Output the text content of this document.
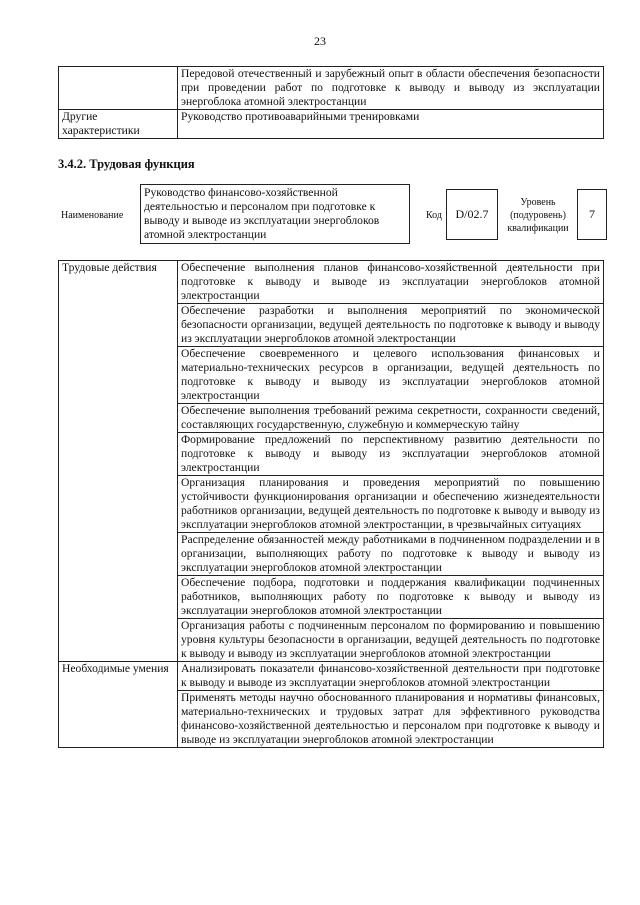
23
	Передовой отечественный и зарубежный опыт в области обеспечения безопасности при проведении работ по подготовке к выводу и выводу из эксплуатации энергоблока атомной электростанции
Другие характеристики	Руководство противоаварийными тренировками
3.4.2. Трудовая функция
Наименование
Руководство финансово-хозяйственной деятельностью и персоналом при подготовке к выводу и выводе из эксплуатации энергоблоков атомной электростанции
Код	D/02.7
Уровень (подуровень) квалификации
7
Трудовые действия	Обеспечение выполнения планов финансово-хозяйственной деятельности при подготовке к выводу и выводе из эксплуатации энергоблоков атомной электростанции
	Обеспечение разработки и выполнения мероприятий по экономической безопасности организации, ведущей деятельность по подготовке к выводу и выводу из эксплуатации энергоблоков атомной электростанции
	Обеспечение своевременного и целевого использования финансовых и материально-технических ресурсов в организации, ведущей деятельность по подготовке к выводу и выводу из эксплуатации энергоблоков атомной электростанции
	Обеспечение выполнения требований режима секретности, сохранности сведений, составляющих государственную, служебную и коммерческую тайну
	Формирование предложений по перспективному развитию деятельности по подготовке к выводу и выводу из эксплуатации энергоблоков атомной электростанции
	Организация планирования и проведения мероприятий по повышению устойчивости функционирования организации и обеспечению жизнедеятельности работников организации, ведущей деятельность по подготовке к выводу и выводу из эксплуатации энергоблоков атомной электростанции, в чрезвычайных ситуациях
	Распределение обязанностей между работниками в подчиненном подразделении и в организации, выполняющих работу по подготовке к выводу и выводу из эксплуатации энергоблоков атомной электростанции
	Обеспечение подбора, подготовки и поддержания квалификации подчиненных работников, выполняющих работу по подготовке к выводу и выводу из эксплуатации энергоблоков атомной электростанции
	Организация работы с подчиненным персоналом по формированию и повышению уровня культуры безопасности в организации, ведущей деятельность по подготовке к выводу и выводу из эксплуатации энергоблоков атомной электростанции
Необходимые умения	Анализировать показатели финансово-хозяйственной деятельности при подготовке к выводу и выводе из эксплуатации энергоблоков атомной электростанции
	Применять методы научно обоснованного планирования и нормативы финансовых, материально-технических и трудовых затрат для эффективного руководства финансово-хозяйственной деятельностью и персоналом при подготовке к выводу и выводе из эксплуатации энергоблоков атомной электростанции
